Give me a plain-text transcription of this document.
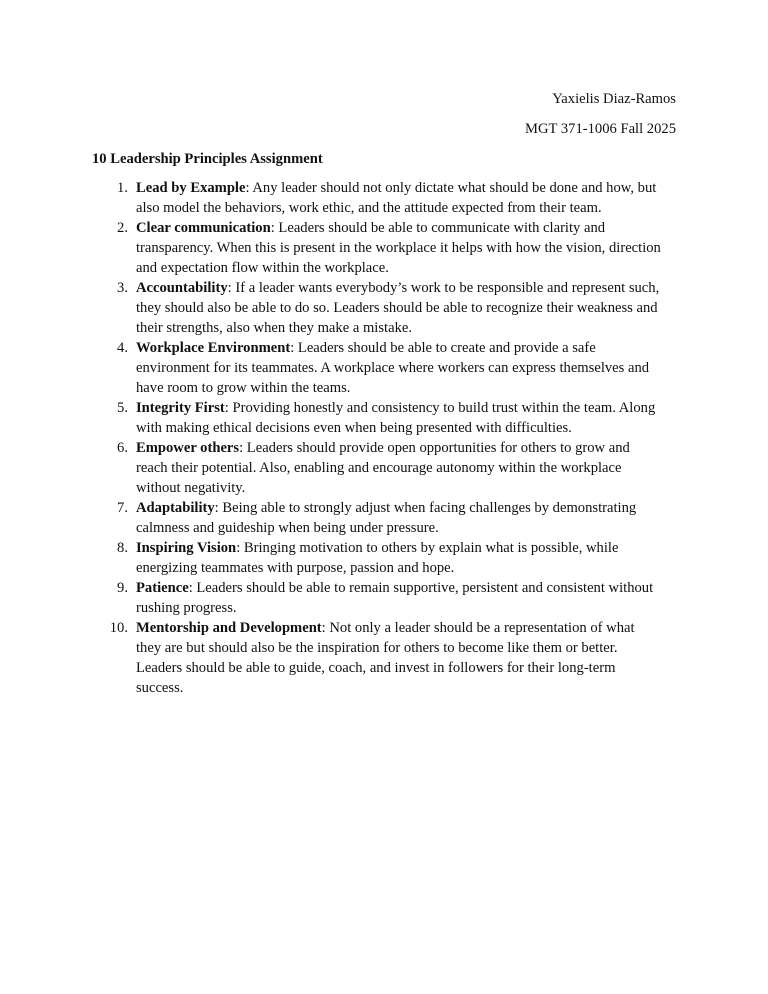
Yaxielis Diaz-Ramos
MGT 371-1006 Fall 2025
10 Leadership Principles Assignment
1. Lead by Example: Any leader should not only dictate what should be done and how, but
also model the behaviors, work ethic, and the attitude expected from their team.
2. Clear communication: Leaders should be able to communicate with clarity and
transparency. When this is present in the workplace it helps with how the vision, direction
and expectation flow within the workplace.
3. Accountability: If a leader wants everybody’s work to be responsible and represent such,
they should also be able to do so. Leaders should be able to recognize their weakness and
their strengths, also when they make a mistake.
4. Workplace Environment: Leaders should be able to create and provide a safe
environment for its teammates. A workplace where workers can express themselves and
have room to grow within the teams.
5. Integrity First: Providing honestly and consistency to build trust within the team. Along
with making ethical decisions even when being presented with difficulties.
6. Empower others: Leaders should provide open opportunities for others to grow and
reach their potential. Also, enabling and encourage autonomy within the workplace
without negativity.
7. Adaptability: Being able to strongly adjust when facing challenges by demonstrating
calmness and guideship when being under pressure.
8. Inspiring Vision: Bringing motivation to others by explain what is possible, while
energizing teammates with purpose, passion and hope.
9. Patience: Leaders should be able to remain supportive, persistent and consistent without
rushing progress.
10. Mentorship and Development: Not only a leader should be a representation of what
they are but should also be the inspiration for others to become like them or better.
Leaders should be able to guide, coach, and invest in followers for their long-term
success.
